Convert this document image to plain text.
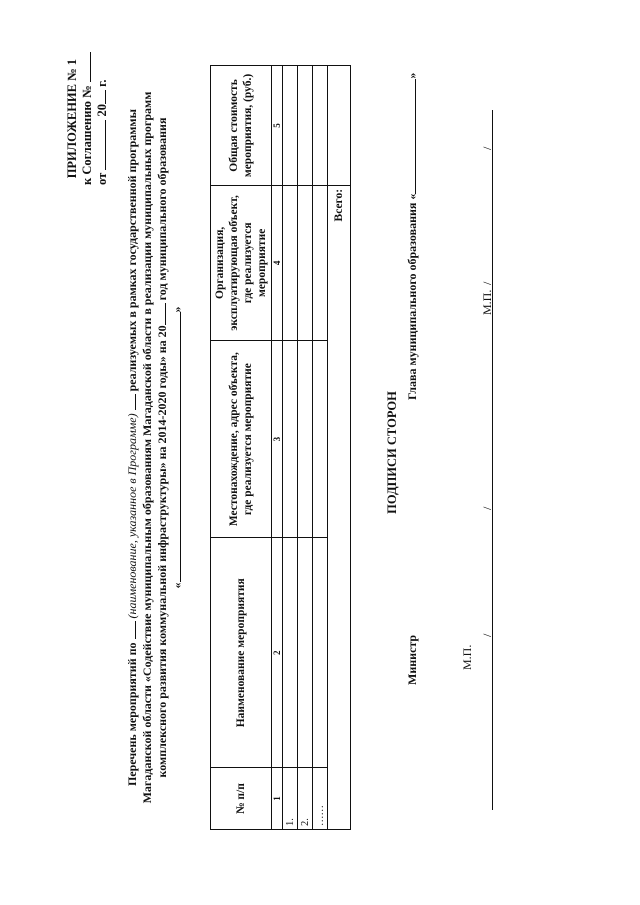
ПРИЛОЖЕНИЕ № 1 к Соглашению № от  20 г.
Перечень мероприятий по  (наименование, указанное в Программе)  реализуемых в рамках государственной программы Магаданской области «Содействие муниципальным образованиям Магаданской области в реализации муниципальных программ комплексного развития коммунальной инфраструктуры» на 2014-2020 годы» на 20 год муниципального образования
«»
№ п/п	Наименование мероприятия	Местонахождение, адрес объекта, где реализуется мероприятие	Организация, эксплуатирующая объект, где реализуется мероприятие	Общая стоимость мероприятия, (руб.)
1	2	3	4	5
1.				
2.				
……				
Всего:				
ПОДПИСИ СТОРОН
Министр
Глава муниципального образования «»
/
/
/
/
М.П.
М.П.
